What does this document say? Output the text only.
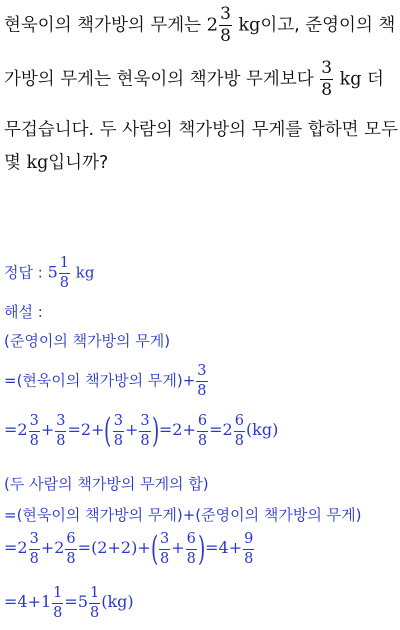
현욱이의 책가방의 무게는 $2 \frac{3}{8}$ kg이고, 준영이의 책
가방의 무게는 현욱이의 책가방 무게보다 $\frac{3}{8}$ kg 더
무겁습니다. 두 사람의 책가방의 무게를 합하면 모두
몇 kg입니까?
정답 : $5 \frac{1}{8}$ kg
해설 :
(준영이의 책가방의 무게)
=(현욱이의 책가방의 무게)+ $\frac{3}{8}$
$=2 \frac{3}{8} + \frac{3}{8} =2+( \frac{3}{8} + \frac{3}{8} )=2+ \frac{6}{8} =2 \frac{6}{8} (kg)$
(두 사람의 책가방의 무게의 합)
=(현욱이의 책가방의 무게)+(준영이의 책가방의 무게)
$=2 \frac{3}{8} +2 \frac{6}{8} =(2+2)+( \frac{3}{8} + \frac{6}{8} )=4+ \frac{9}{8}$
$=4+1 \frac{1}{8} =5 \frac{1}{8} (kg)$
